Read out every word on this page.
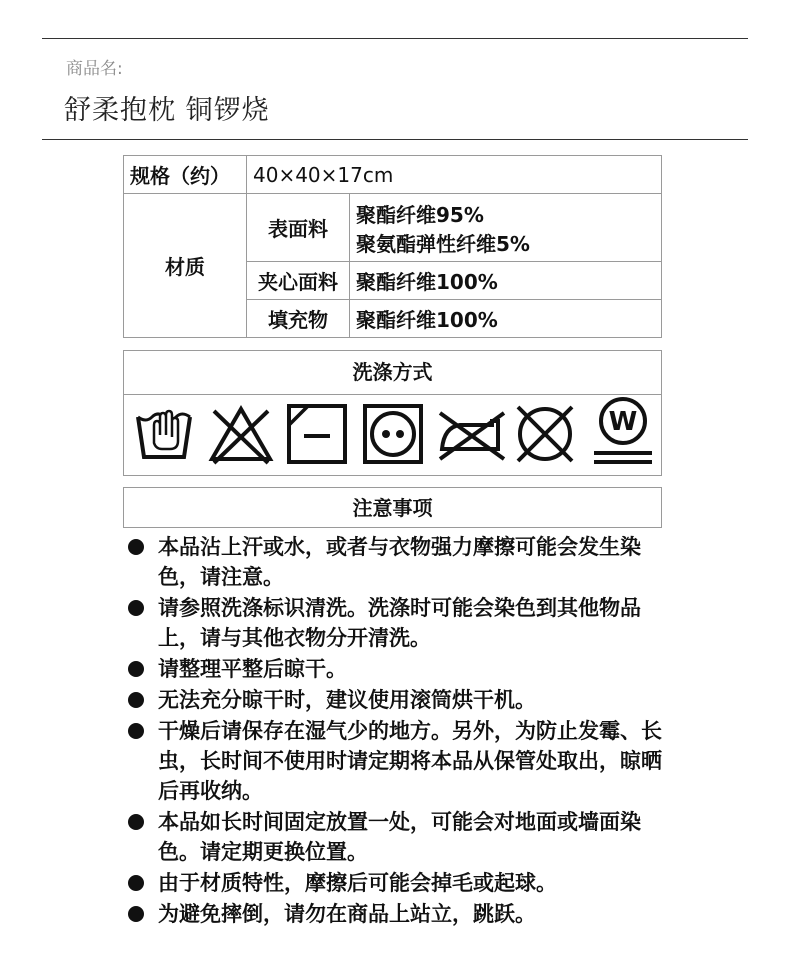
商品名:
舒柔抱枕 铜锣烧
规格（约）	40×40×17cm	
材质	表面料	聚酯纤维95%
聚氨酯弹性纤维5%

	夹心面料	聚酯纤维100%
	填充物	聚酯纤维100%
洗涤方式
W
注意事项
本品沾上汗或水，或者与衣物强力摩擦可能会发生染色，请注意。
请参照洗涤标识清洗。洗涤时可能会染色到其他物品上，请与其他衣物分开清洗。
请整理平整后晾干。
无法充分晾干时，建议使用滚筒烘干机。
干燥后请保存在湿气少的地方。另外，为防止发霉、长虫，长时间不使用时请定期将本品从保管处取出，晾晒后再收纳。
本品如长时间固定放置一处，可能会对地面或墙面染色。请定期更换位置。
由于材质特性，摩擦后可能会掉毛或起球。
为避免摔倒，请勿在商品上站立，跳跃。
